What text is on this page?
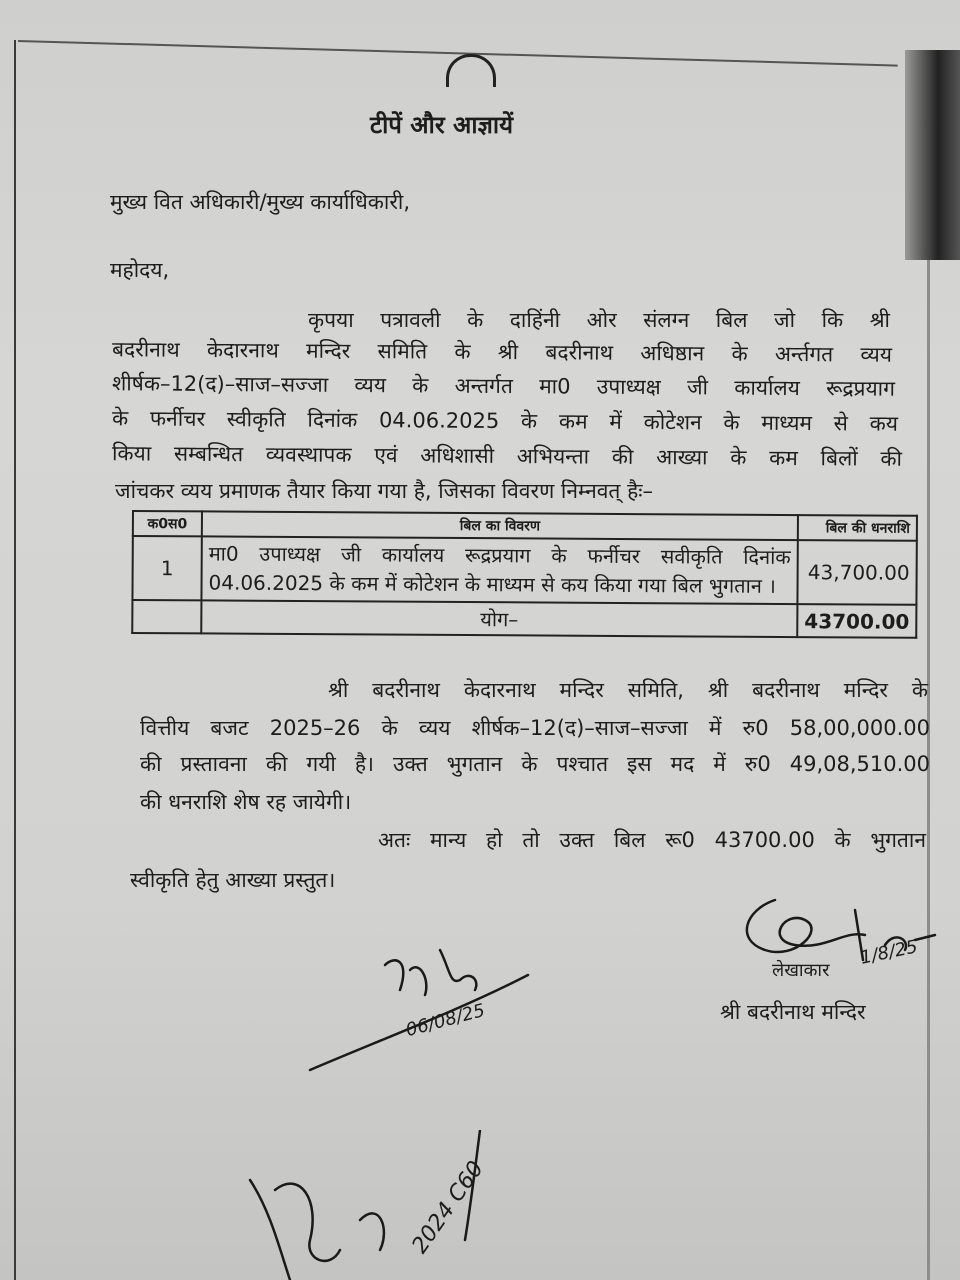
टीपें और आज्ञायें
मुख्य वित अधिकारी/मुख्य कार्याधिकारी,
महोदय,
कृपया पत्रावली के दाहिंनी ओर संलग्न बिल जो कि श्री
बदरीनाथ केदारनाथ मन्दिर समिति के श्री बदरीनाथ अधिष्ठान के अर्न्तगत व्यय
शीर्षक–12(द)–साज–सज्जा व्यय के अन्तर्गत मा0 उपाध्यक्ष जी कार्यालय रूद्रप्रयाग
के फर्नीचर स्वीकृति दिनांक 04.06.2025 के कम में कोटेशन के माध्यम से कय
किया सम्बन्धित व्यवस्थापक एवं अधिशासी अभियन्ता की आख्या के कम बिलों की
जांचकर व्यय प्रमाणक तैयार किया गया है, जिसका विवरण निम्नवत् हैः–
क0स0	बिल का विवरण	बिल की धनराशि
1	मा0 उपाध्यक्ष जी कार्यालय रूद्रप्रयाग के फर्नीचर सवीकृति दिनांक 04.06.2025 के कम में कोटेशन के माध्यम से कय किया गया बिल भुगतान ।	43,700.00
	योग–	43700.00
श्री बदरीनाथ केदारनाथ मन्दिर समिति, श्री बदरीनाथ मन्दिर के
वित्तीय बजट 2025–26 के व्यय शीर्षक–12(द)–साज–सज्जा में रु0 58,00,000.00
की प्रस्तावना की गयी है। उक्त भुगतान के पश्चात इस मद में रु0 49,08,510.00
की धनराशि शेष रह जायेगी।
अतः मान्य हो तो उक्त बिल रू0 43700.00 के भुगतान
स्वीकृति हेतु आख्या प्रस्तुत।
लेखाकार
1/8/25
श्री बदरीनाथ मन्दिर
06/08/25
2024 C60
